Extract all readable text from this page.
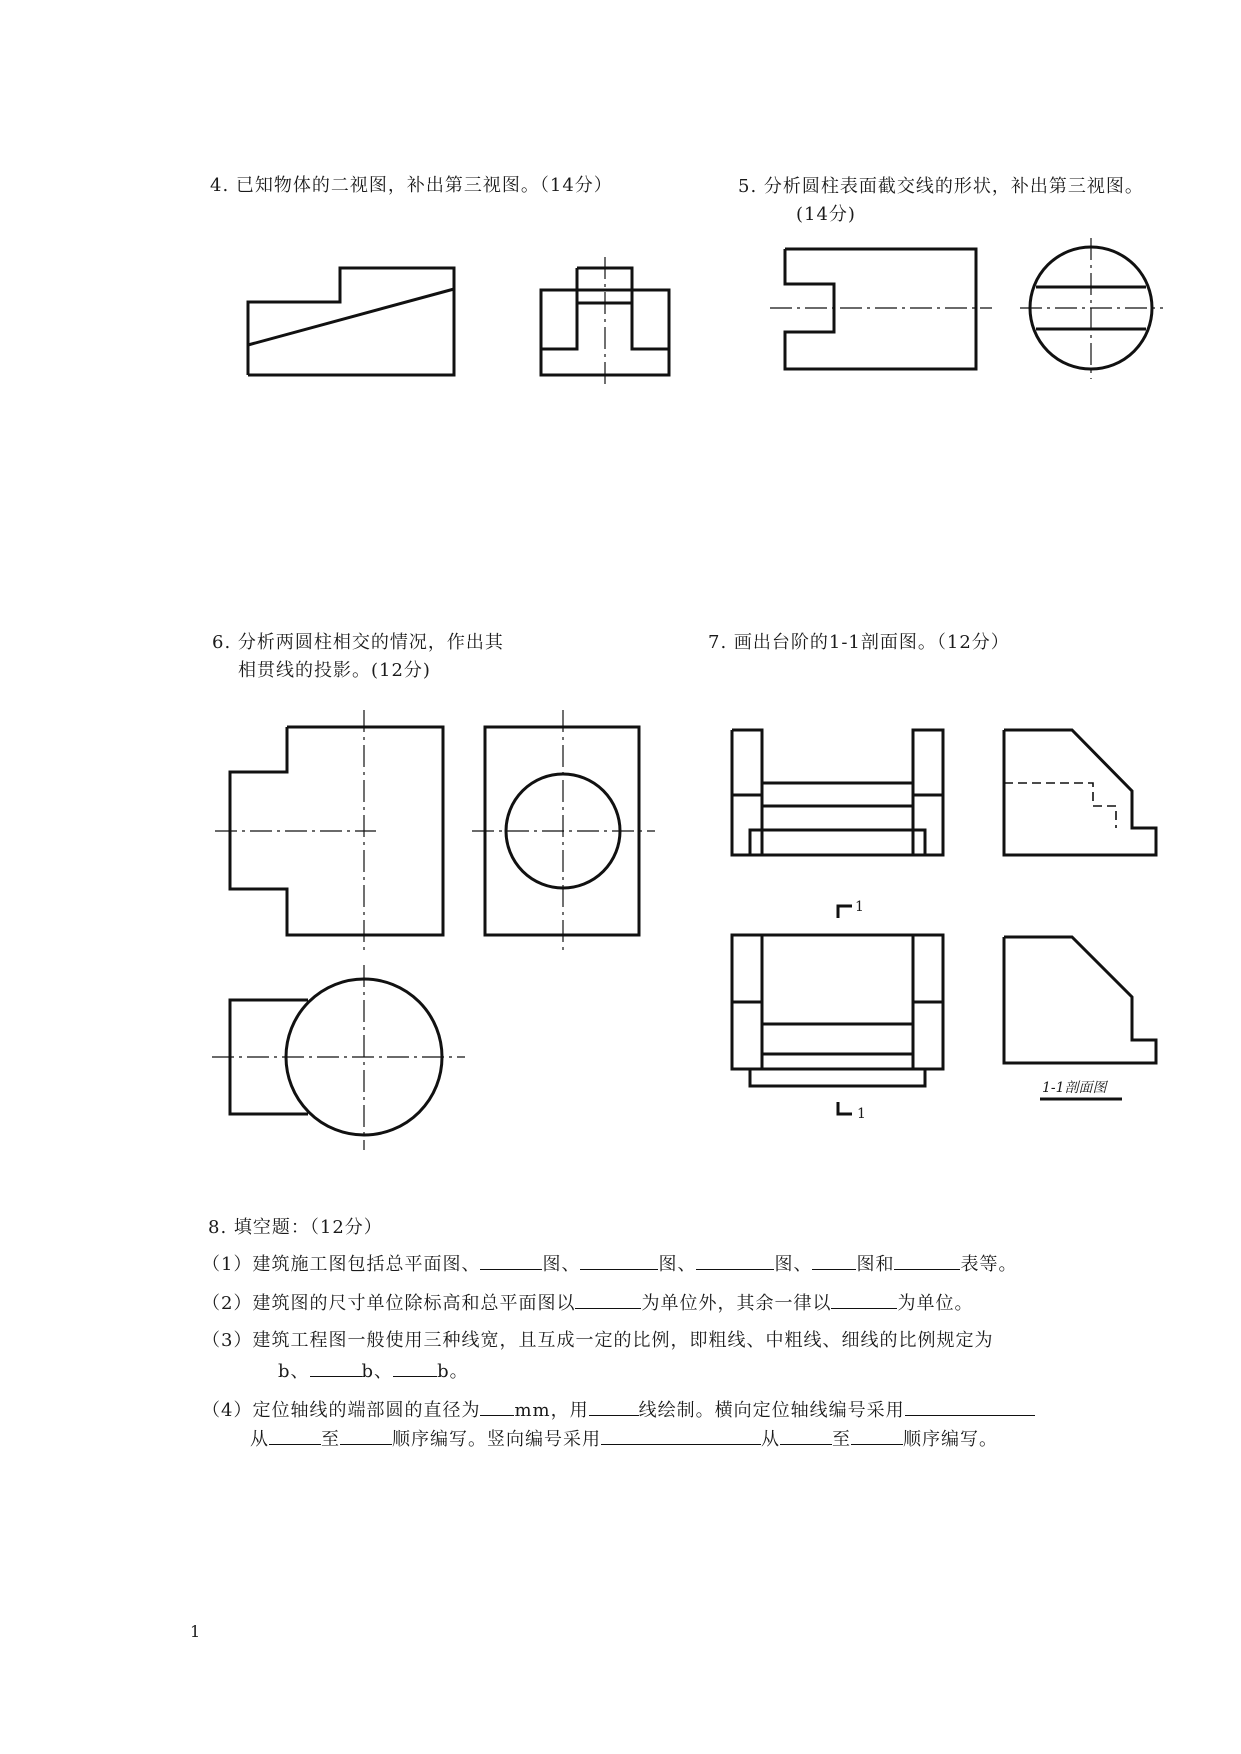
4. 已知物体的二视图，补出第三视图。（14分）	5. 分析圆柱表面截交线的形状，补出第三视图。
(14分)
6. 分析两圆柱相交的情况，作出其
相贯线的投影。(12分)
7. 画出台阶的1-1剖面图。（12分）
1
1
1-1剖面图
8. 填空题：（12分）
（1）建筑施工图包括总平面图、	图、	图、	图、 图和	表等。
（2）建筑图的尺寸单位除标高和总平面图以	为单位外，其余一律以	为单位。
（3）建筑工程图一般使用三种线宽，且互成一定的比例，即粗线、中粗线、细线的比例规定为
b、	b、 b。
（4）定位轴线的端部圆的直径为 mm，用	线绘制。横向定位轴线编号采用
从	至	顺序编写。竖向编号采用	从	至	顺序编写。
1
